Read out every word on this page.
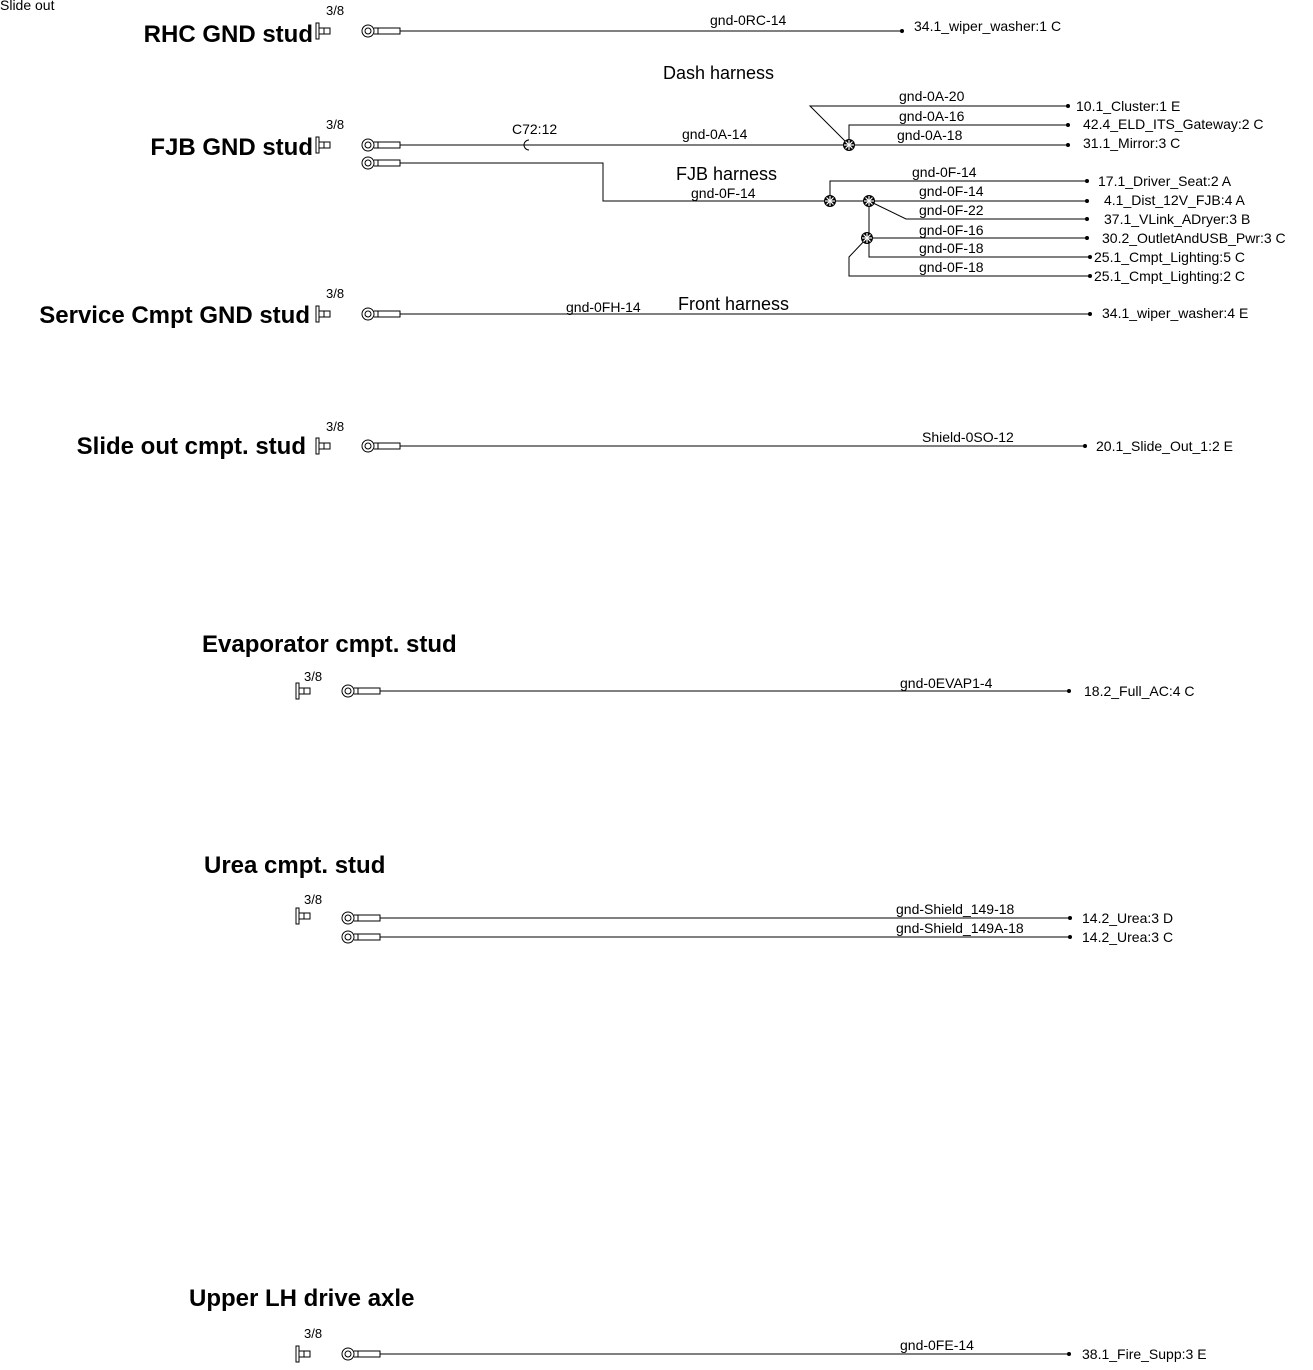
Slide out
RHC GND stud
3/8
gnd-0RC-14	34.1_wiper_washer:1 C
Dash harness
FJB GND stud
3/8	C72:12	gnd-0A-14
gnd-0A-20
10.1_Cluster:1 E
gnd-0A-16	42.4_ELD_ITS_Gateway:2 C
gnd-0A-18	31.1_Mirror:3 C
FJB harness
gnd-0F-14
gnd-0F-14
17.1_Driver_Seat:2 A
gnd-0F-14
4.1_Dist_12V_FJB:4 A
gnd-0F-22
37.1_VLink_ADryer:3 B
gnd-0F-16	30.2_OutletAndUSB_Pwr:3 C
gnd-0F-18
25.1_Cmpt_Lighting:5 C
gnd-0F-18
25.1_Cmpt_Lighting:2 C
Service Cmpt GND stud
3/8
gnd-0FH-14 Front harness	34.1_wiper_washer:4 E
Slide out cmpt. stud
3/8
Shield-0SO-12
20.1_Slide_Out_1:2 E
Evaporator cmpt. stud
3/8	gnd-0EVAP1-4	18.2_Full_AC:4 C
Urea cmpt. stud
3/8
gnd-Shield_149-18
14.2_Urea:3 D
gnd-Shield_149A-18
14.2_Urea:3 C
Upper LH drive axle
3/8
gnd-0FE-14
38.1_Fire_Supp:3 E
